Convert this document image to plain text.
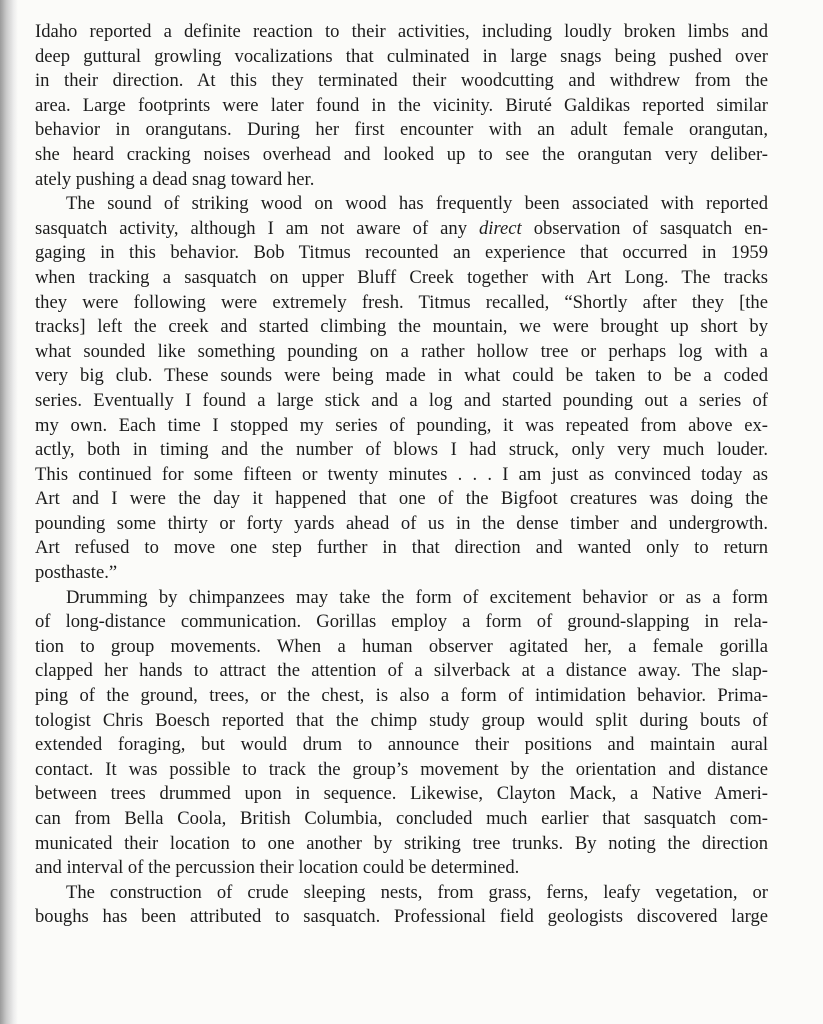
Idaho reported a definite reaction to their activities, including loudly broken limbs and
deep guttural growling vocalizations that culminated in large snags being pushed over
in their direction. At this they terminated their woodcutting and withdrew from the
area. Large footprints were later found in the vicinity. Biruté Galdikas reported similar
behavior in orangutans. During her first encounter with an adult female orangutan,
she heard cracking noises overhead and looked up to see the orangutan very deliber-
ately pushing a dead snag toward her.

The sound of striking wood on wood has frequently been associated with reported
sasquatch activity, although I am not aware of any direct observation of sasquatch en-
gaging in this behavior. Bob Titmus recounted an experience that occurred in 1959
when tracking a sasquatch on upper Bluff Creek together with Art Long. The tracks
they were following were extremely fresh. Titmus recalled, “Shortly after they [the
tracks] left the creek and started climbing the mountain, we were brought up short by
what sounded like something pounding on a rather hollow tree or perhaps log with a
very big club. These sounds were being made in what could be taken to be a coded
series. Eventually I found a large stick and a log and started pounding out a series of
my own. Each time I stopped my series of pounding, it was repeated from above ex-
actly, both in timing and the number of blows I had struck, only very much louder.
This continued for some fifteen or twenty minutes . . . I am just as convinced today as
Art and I were the day it happened that one of the Bigfoot creatures was doing the
pounding some thirty or forty yards ahead of us in the dense timber and undergrowth.
Art refused to move one step further in that direction and wanted only to return
posthaste.”

Drumming by chimpanzees may take the form of excitement behavior or as a form
of long-distance communication. Gorillas employ a form of ground-slapping in rela-
tion to group movements. When a human observer agitated her, a female gorilla
clapped her hands to attract the attention of a silverback at a distance away. The slap-
ping of the ground, trees, or the chest, is also a form of intimidation behavior. Prima-
tologist Chris Boesch reported that the chimp study group would split during bouts of
extended foraging, but would drum to announce their positions and maintain aural
contact. It was possible to track the group’s movement by the orientation and distance
between trees drummed upon in sequence. Likewise, Clayton Mack, a Native Ameri-
can from Bella Coola, British Columbia, concluded much earlier that sasquatch com-
municated their location to one another by striking tree trunks. By noting the direction
and interval of the percussion their location could be determined.

The construction of crude sleeping nests, from grass, ferns, leafy vegetation, or
boughs has been attributed to sasquatch. Professional field geologists discovered large
